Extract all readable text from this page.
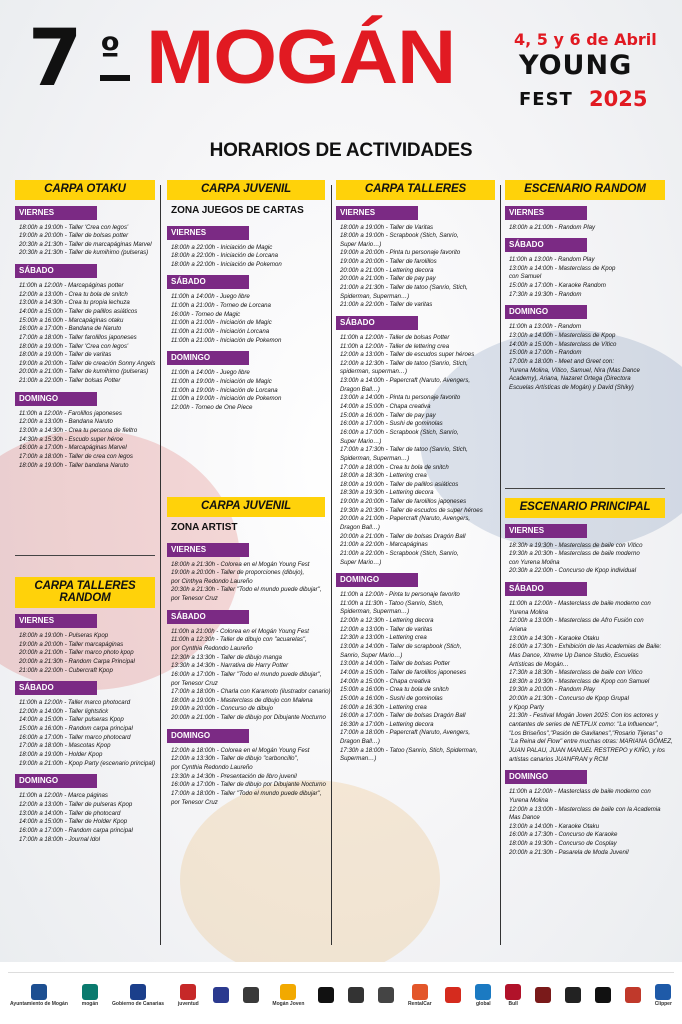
7 º MOGÁN	4, 5 y 6 de Abril
YOUNG
FEST 2025
HORARIOS DE ACTIVIDADES
CARPA OTAKU
VIERNES
18:00h a 19:00h - Taller 'Crea con legos'
19:00h a 20:00h - Taller de bolsas potter
20:30h a 21:30h - Taller de marcapáginas Marvel
20:30h a 21:30h - Taller de kumihimo (pulseras)
SÁBADO
11:00h a 12:00h - Marcapáginas potter
12:00h a 13:00h - Crea tu bola de snitch
13:00h a 14:30h - Crea tu propia lechuza
14:00h a 15:00h - Taller de palillos asiáticos
15:00h a 16:00h - Marcapáginas otaku
16:00h a 17:00h - Bandana de Naruto
17:00h a 18:00h - Taller farolillos japoneses
18:00h a 19:00h - Taller 'Crea con legos'
18:00h a 19:00h - Taller de varitas
19:00h a 20:00h - Taller de creación Sonny Angels
20:00h a 21:00h - Taller de kumihimo (pulseras)
21:00h a 22:00h - Taller bolsas Potter
DOMINGO
11:00h a 12:00h - Farolillos japoneses
12:00h a 13:00h - Bandana Naruto
13:00h a 14:30h - Crea tu persona de fieltro
14:30h a 15:30h - Escudo super héroe
16:00h a 17:00h - Marcapáginas Marvel
17:00h a 18:00h - Taller de crea con legos
18:00h a 19:00h - Taller bandana Naruto
CARPA TALLERES RANDOM
VIERNES
18:00h a 19:00h - Pulseras Kpop
19:00h a 20:00h - Taller marcapáginas
20:00h a 21:00h - Taller marco photo kpop
20:00h a 21:30h - Random Carpa Principal
21:00h a 22:00h - Cubercraft Kpop
SÁBADO
11:00h a 12:00h - Taller marco photocard
12:00h a 14:00h - Taller lightstick
14:00h a 15:00h - Taller pulseras Kpop
15:00h a 16:00h - Random carpa principal
16:00h a 17:00h - Taller marco photocard
17:00h a 18:00h - Mascotas Kpop
18:00h a 19:00h - Holder Kpop
19:00h a 21:00h - Kpop Party (escenario principal)
DOMINGO
11:00h a 12:00h - Marca páginas
12:00h a 13:00h - Taller de pulseras Kpop
13:00h a 14:00h - Taller de photocard
14:00h a 15:00h - Taller de Holder Kpop
16:00h a 17:00h - Random carpa principal
17:00h a 18:00h - Journal Idol
CARPA JUVENIL
ZONA JUEGOS DE CARTAS
VIERNES
18:00h a 22:00h - Iniciación de Magic
18:00h a 22:00h - Iniciación de Lorcana
18:00h a 22:00h - Iniciación de Pokemon
SÁBADO
11:00h a 14:00h - Juego libre
11:00h a 21:00h - Torneo de Lorcana
16:00h - Torneo de Magic
11:00h a 21:00h - Iniciación de Magic
11:00h a 21:00h - Iniciación Lorcana
11:00h a 21:00h - Iniciación de Pokemon
DOMINGO
11:00h a 14:00h - Juego libre
11:00h a 19:00h - Iniciación de Magic
11:00h a 19:00h - Iniciación de Lorcana
11:00h a 19:00h - Iniciación de Pokemon
12:00h - Torneo de One Piece
CARPA JUVENIL
ZONA ARTIST
VIERNES
18:00h a 21:30h - Colorea en el Mogán Young Fest
19:00h a 20:00h - Taller de proporciones (dibujo),
por Cinthya Redondo Laureño
20:30h a 21:30h - Taller "Todo el mundo puede dibujar",
por Tenesor Cruz
SÁBADO
11:00h a 21:00h - Colorea en el Mogán Young Fest
11:00h a 12:30h - Taller de dibujo con "acuarelas",
por Cynthia Redondo Laureño
12:30h a 13:30h - Taller de dibujo manga
13:30h a 14:30h - Narrativa de Harry Potter
16:00h a 17:00h - Taller "Todo el mundo puede dibujar",
por Tenesor Cruz
17:00h a 18:00h - Charla con Karamoto (ilustrador canario)
18:00h a 19:00h - Masterclass de dibujo con Malena
19:00h a 20:00h - Concurso de dibujo
20:00h a 21:00h - Taller de dibujo por Dibujante Nocturno
DOMINGO
12:00h a 18:00h - Colorea en el Mogán Young Fest
12:00h a 13:30h - Taller de dibujo "carboncillo",
por Cynthia Redondo Laureño
13:30h a 14:30h - Presentación de libro juvenil
16:00h a 17:00h - Taller de dibujo por Dibujante Nocturno
17:00h a 18:00h - Taller "Todo el mundo puede dibujar",
por Tenesor Cruz
CARPA TALLERES
VIERNES
18:00h a 19:00h - Taller de Varitas
18:00h a 19:00h - Scrapbook (Stich, Sanrio,
Super Mario…)
19:00h a 20:00h - Pinta tu personaje favorito
19:00h a 20:00h - Taller de farolillos
20:00h a 21:00h - Lettering decora
20:00h a 21:00h - Taller de pay pay
21:00h a 21:30h - Taller de tatoo (Sanrio, Stich,
Spiderman, Superman…)
21:00h a 22:00h - Taller de varitas
SÁBADO
11:00h a 12:00h - Taller de bolsas Potter
11:00h a 12:00h - Taller de lettering crea
12:00h a 13:00h - Taller de escudos super héroes
12:00h a 12:30h - Taller de tatoo (Sanrio, Stich,
spiderman, superman…)
13:00h a 14:00h - Papercraft (Naruto, Avengers,
Dragon Ball…)
13:00h a 14:00h - Pinta tu personaje favorito
14:00h a 15:00h - Chapa creativa
15:00h a 16:00h - Taller de pay pay
16:00h a 17:00h - Sushi de gominolas
16:00h a 17:00h - Scrapbook (Stich, Sanrio,
Super Mario…)
17:00h a 17:30h - Taller de tatoo (Sanrio, Stich,
Spiderman, Superman…)
17:00h a 18:00h - Crea tu bola de snitch
18:00h a 18:30h - Lettering crea
18:00h a 19:00h - Taller de palillos asiáticos
18:30h a 19:30h - Lettering decora
19:00h a 20:00h - Taller de farolillos japoneses
19:30h a 20:30h - Taller de escudos de super héroes
20:00h a 21:00h - Papercraft (Naruto, Avengers,
Dragon Ball…)
20:00h a 21:00h - Taller de bolsas Dragón Ball
21:00h a 22:00h - Marcapáginas
21:00h a 22:00h - Scrapbook (Stich, Sanrio,
Super Mario…)
DOMINGO
11:00h a 12:00h - Pinta tu personaje favorito
11:00h a 11:30h - Tatoo (Sanrio, Stich,
Spiderman, Superman…)
12:00h a 12:30h - Lettering decora
12:00h a 13:00h - Taller de varitas
12:30h a 13:00h - Lettering crea
13:00h a 14:00h - Taller de scrapbook (Stich,
Sanrio, Super Mario…)
13:00h a 14:00h - Taller de bolsas Potter
14:00h a 15:00h - Taller de farolillos japoneses
14:00h a 15:00h - Chapa creativa
15:00h a 16:00h - Crea tu bola de snitch
15:00h a 16:00h - Sushi de gominolas
16:00h a 16:30h - Lettering crea
16:00h a 17:00h - Taller de bolsas Dragón Ball
16:30h a 17:00h - Lettering decora
17:00h a 18:00h - Papercraft (Naruto, Avengers,
Dragon Ball…)
17:30h a 18:00h - Tatoo (Sanrio, Stich, Spiderman,
Superman…)
ESCENARIO RANDOM
VIERNES
18:00h a 21:00h - Random Play
SÁBADO
11:00h a 13:00h - Random Play
13:00h a 14:00h - Masterclass de Kpop
con Samuel
15:00h a 17:00h - Karaoke Random
17:30h a 19:30h - Random
DOMINGO
11:00h a 13:00h - Random
13:00h a 14:00h - Masterclass de Kpop
14:00h a 15:00h - Masterclass de Vítico
15:00h a 17:00h - Random
17:00h a 18:00h - Meet and Greet con:
Yurena Molina, Vítico, Samuel, Nira (Mas Dance
Academy), Ariana, Nazaret Ortega (Directora
Escuelas Artísticas de Mogán) y David (Shiky)
ESCENARIO PRINCIPAL
VIERNES
18:30h a 19:30h - Masterclass de baile con Vítico
19:30h a 20:30h - Masterclass de baile moderno
con Yurena Molina
20:30h a 22:00h - Concurso de Kpop individual
SÁBADO
11:00h a 12:00h - Masterclass de baile moderno con
Yurena Molina
12:00h a 13:00h - Masterclass de Afro Fusión con
Ariana
13:00h a 14:30h - Karaoke Otaku
16:00h a 17:30h - Exhibición de las Academias de Baile:
Mas Dance, Xtreme Up Dance Studio, Escuelas
Artísticas de Mogán…
17:30h a 18:30h - Masterclass de baile con Vítico
18:30h a 19:30h - Masterclass de Kpop con Samuel
19:30h a 20:00h - Random Play
20:00h a 21:30h - Concurso de Kpop Grupal
y Kpop Party
21:30h - Festival Mogán Joven 2025: Con los actores y
cantantes de series de NETFLIX como: "La Influencer",
"Los Briseños","Pasión de Gavilanes","Rosario Tijeras" o
"La Reina del Flow" entre muchas otras: MARIANA GÓMEZ,
JUAN PALAU, JUAN MANUEL RESTREPO y KIÑO, y los
artistas canarios JUANFRAN y RCM
DOMINGO
11:00h a 12:00h - Masterclass de baile moderno con
Yurena Molina
12:00h a 13:00h - Masterclass de baile con la Academia
Mas Dance
13:00h a 14:00h - Karaoke Otaku
16:00h a 17:30h - Concurso de Karaoke
18:00h a 19:30h - Concurso de Cosplay
20:00h a 21:30h - Pasarela de Moda Juvenil
Ayuntamiento de Mogán	mogán	Gobierno de Canarias	juventud	Mogán Joven	RentalCar	global	Bull	Clipper
